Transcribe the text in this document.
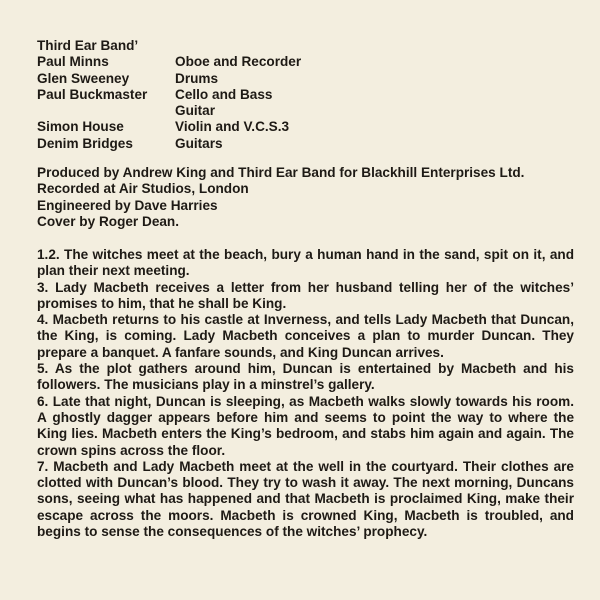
Third Ear Band’
Paul Minns	Oboe and Recorder
Glen Sweeney	Drums
Paul Buckmaster	Cello and Bass
Guitar
Simon House	Violin and V.C.S.3
Denim Bridges	Guitars
Produced by Andrew King and Third Ear Band for Blackhill Enterprises Ltd.
Recorded at Air Studios, London
Engineered by Dave Harries
Cover by Roger Dean.

1.2. The witches meet at the beach, bury a human hand in the sand, spit on it, and plan their next meeting.

3. Lady Macbeth receives a letter from her husband telling her of the witches’ promises to him, that he shall be King.

4. Macbeth returns to his castle at Inverness, and tells Lady Macbeth that Duncan, the King, is coming. Lady Macbeth conceives a plan to murder Duncan. They prepare a banquet. A fanfare sounds, and King Duncan arrives.

5. As the plot gathers around him, Duncan is entertained by Macbeth and his followers. The musicians play in a minstrel’s gallery.

6. Late that night, Duncan is sleeping, as Macbeth walks slowly towards his room. A ghostly dagger appears before him and seems to point the way to where the King lies. Macbeth enters the King’s bedroom, and stabs him again and again. The crown spins across the floor.

7. Macbeth and Lady Macbeth meet at the well in the courtyard. Their clothes are clotted with Duncan’s blood. They try to wash it away. The next morning, Duncans sons, seeing what has happened and that Macbeth is proclaimed King, make their escape across the moors. Macbeth is crowned King, Macbeth is troubled, and begins to sense the consequences of the witches’ prophecy.
